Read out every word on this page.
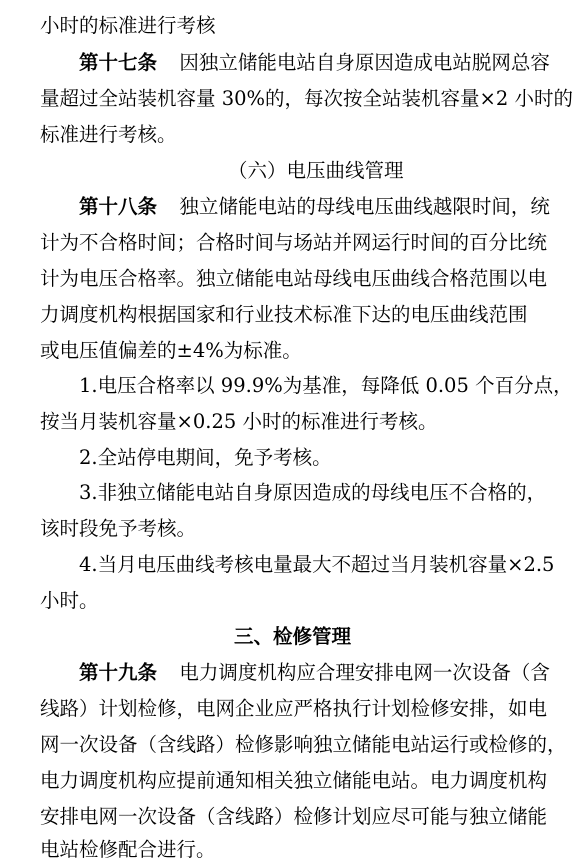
小时的标准进行考核
第十七条 因独立储能电站自身原因造成电站脱网总容
量超过全站装机容量 30%的，每次按全站装机容量×2 小时的
标准进行考核。
（六）电压曲线管理
第十八条 独立储能电站的母线电压曲线越限时间，统
计为不合格时间；合格时间与场站并网运行时间的百分比统
计为电压合格率。独立储能电站母线电压曲线合格范围以电
力调度机构根据国家和行业技术标准下达的电压曲线范围
或电压值偏差的±4%为标准。
1.电压合格率以 99.9%为基准，每降低 0.05 个百分点，
按当月装机容量×0.25 小时的标准进行考核。
2.全站停电期间，免予考核。
3.非独立储能电站自身原因造成的母线电压不合格的，
该时段免予考核。
4.当月电压曲线考核电量最大不超过当月装机容量×2.5
小时。
三、检修管理
第十九条 电力调度机构应合理安排电网一次设备（含
线路）计划检修，电网企业应严格执行计划检修安排，如电
网一次设备（含线路）检修影响独立储能电站运行或检修的，
电力调度机构应提前通知相关独立储能电站。电力调度机构
安排电网一次设备（含线路）检修计划应尽可能与独立储能
电站检修配合进行。
